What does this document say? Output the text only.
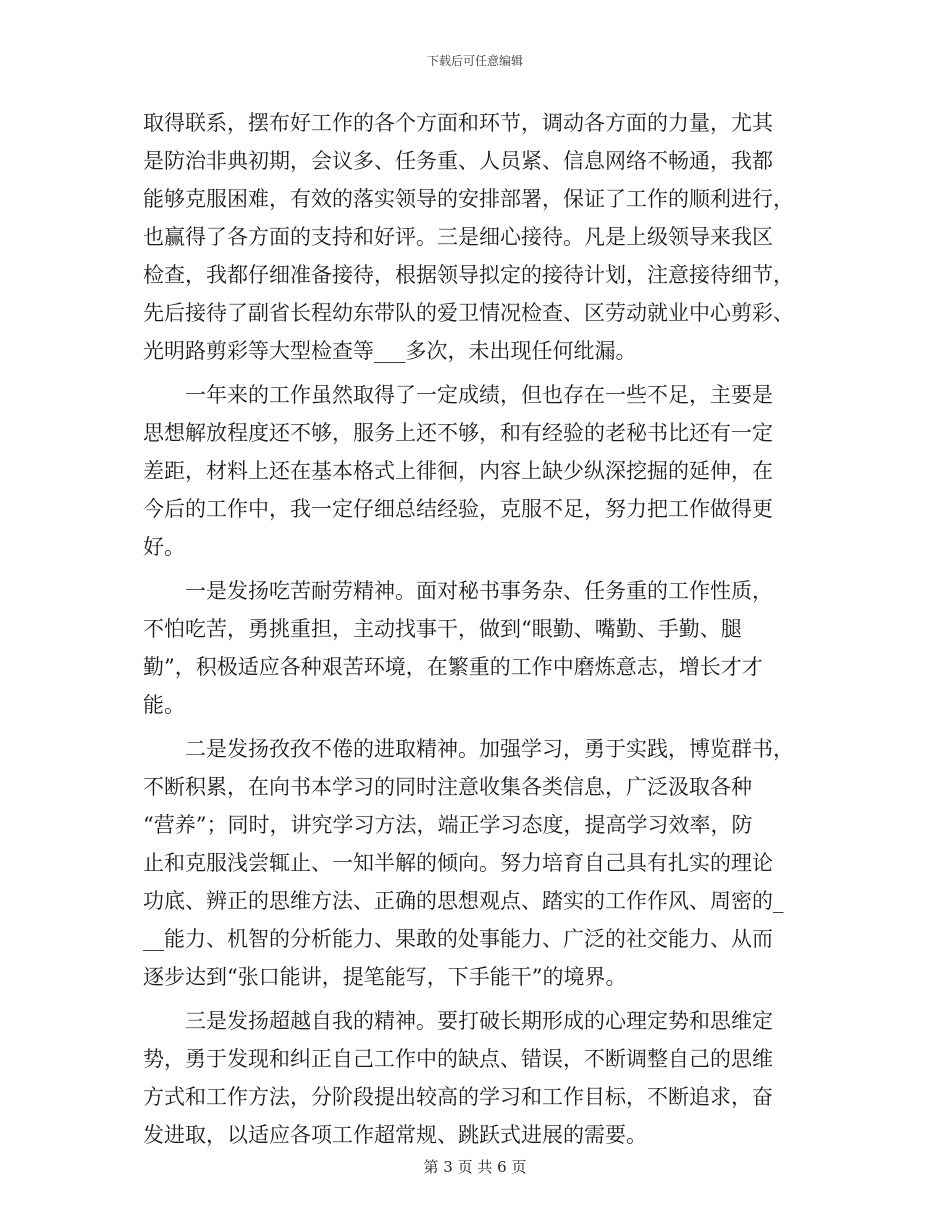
下载后可任意编辑
取得联系，摆布好工作的各个方面和环节，调动各方面的力量，尤其
是防治非典初期，会议多、任务重、人员紧、信息网络不畅通，我都
能够克服困难，有效的落实领导的安排部署，保证了工作的顺利进行，
也赢得了各方面的支持和好评。三是细心接待。凡是上级领导来我区
检查，我都仔细准备接待，根据领导拟定的接待计划，注意接待细节，
先后接待了副省长程幼东带队的爱卫情况检查、区劳动就业中心剪彩、
光明路剪彩等大型检查等___多次，未出现任何纰漏。
　　一年来的工作虽然取得了一定成绩，但也存在一些不足，主要是
思想解放程度还不够，服务上还不够，和有经验的老秘书比还有一定
差距，材料上还在基本格式上徘徊，内容上缺少纵深挖掘的延伸，在
今后的工作中，我一定仔细总结经验，克服不足，努力把工作做得更
好。
　　一是发扬吃苦耐劳精神。面对秘书事务杂、任务重的工作性质，
不怕吃苦，勇挑重担，主动找事干，做到“眼勤、嘴勤、手勤、腿
勤”，积极适应各种艰苦环境，在繁重的工作中磨炼意志，增长才才
能。
　　二是发扬孜孜不倦的进取精神。加强学习，勇于实践，博览群书，
不断积累，在向书本学习的同时注意收集各类信息，广泛汲取各种
“营养”；同时，讲究学习方法，端正学习态度，提高学习效率，防
止和克服浅尝辄止、一知半解的倾向。努力培育自己具有扎实的理论
功底、辨正的思维方法、正确的思想观点、踏实的工作作风、周密的_
__能力、机智的分析能力、果敢的处事能力、广泛的社交能力、从而
逐步达到“张口能讲，提笔能写，下手能干”的境界。
　　三是发扬超越自我的精神。要打破长期形成的心理定势和思维定
势，勇于发现和纠正自己工作中的缺点、错误，不断调整自己的思维
方式和工作方法，分阶段提出较高的学习和工作目标，不断追求，奋
发进取，以适应各项工作超常规、跳跃式进展的需要。
第 3 页 共 6 页
